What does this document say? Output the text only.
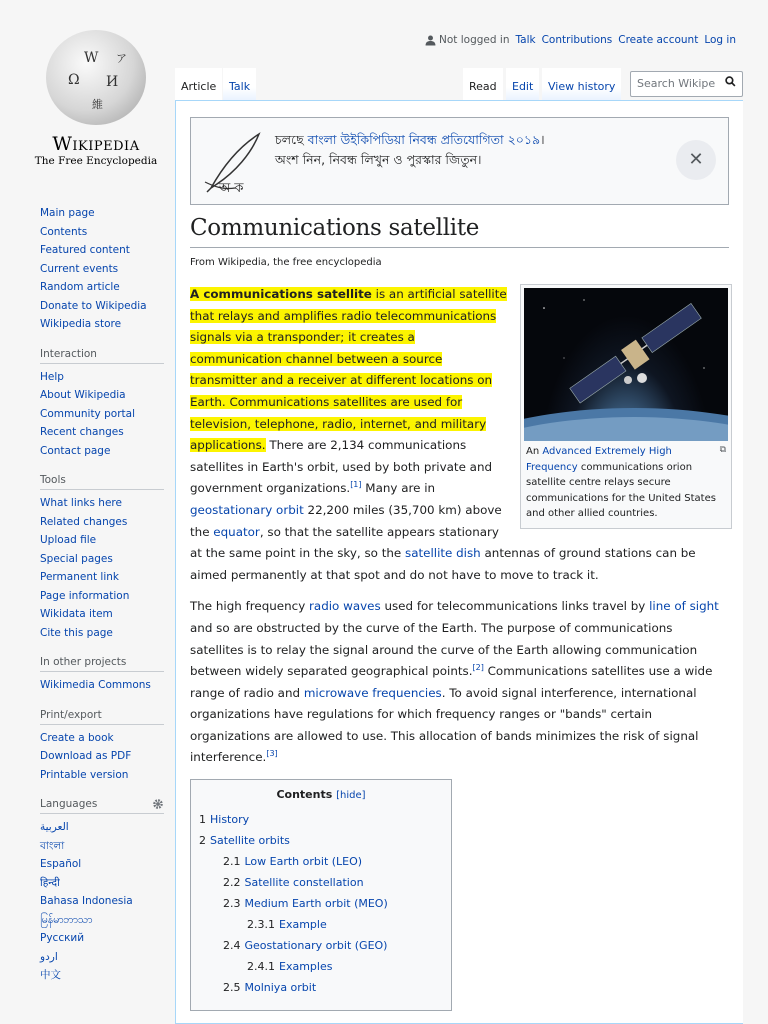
Not logged in Talk Contributions Create account Log in
W
Ω И
維
ア
Wikipedia
The Free Encyclopedia
Main page
Contents
Featured content
Current events
Random article
Donate to Wikipedia
Wikipedia store
Interaction
Help
About Wikipedia
Community portal
Recent changes
Contact page
Tools
What links here
Related changes
Upload file
Special pages
Permanent link
Page information
Wikidata item
Cite this page
In other projects
Wikimedia Commons
Print/export
Create a book
Download as PDF
Printable version
Languages
العربية
বাংলা
Español
हिन्दी
Bahasa Indonesia
မြန်မာဘာသာ
Русский
اردو
中文
Article	Talk	Read	Edit	View history	Search Wikipe
অ ক
চলছে বাংলা উইকিপিডিয়া নিবন্ধ প্রতিযোগিতা ২০১৯।
অংশ নিন, নিবন্ধ লিখুন ও পুরস্কার জিতুন।	✕
Communications satellite
From Wikipedia, the free encyclopedia
⧉
An Advanced Extremely High Frequency communications orion satellite centre relays secure communications for the United States and other allied countries.

A communications satellite is an artificial satellite that relays and amplifies radio telecommunications signals via a transponder; it creates a communication channel between a source transmitter and a receiver at different locations on Earth. Communications satellites are used for television, telephone, radio, internet, and military applications. There are 2,134 communications satellites in Earth's orbit, used by both private and government organizations.[1] Many are in geostationary orbit 22,200 miles (35,700 km) above the equator, so that the satellite appears stationary at the same point in the sky, so the satellite dish antennas of ground stations can be aimed permanently at that spot and do not have to move to track it.

The high frequency radio waves used for telecommunications links travel by line of sight and so are obstructed by the curve of the Earth. The purpose of communications satellites is to relay the signal around the curve of the Earth allowing communication between widely separated geographical points.[2] Communications satellites use a wide range of radio and microwave frequencies. To avoid signal interference, international organizations have regulations for which frequency ranges or "bands" certain organizations are allowed to use. This allocation of bands minimizes the risk of signal interference.[3]

Contents [hide]
1 History
2 Satellite orbits
2.1 Low Earth orbit (LEO)
2.2 Satellite constellation
2.3 Medium Earth orbit (MEO)
2.3.1 Example
2.4 Geostationary orbit (GEO)
2.4.1 Examples
2.5 Molniya orbit
